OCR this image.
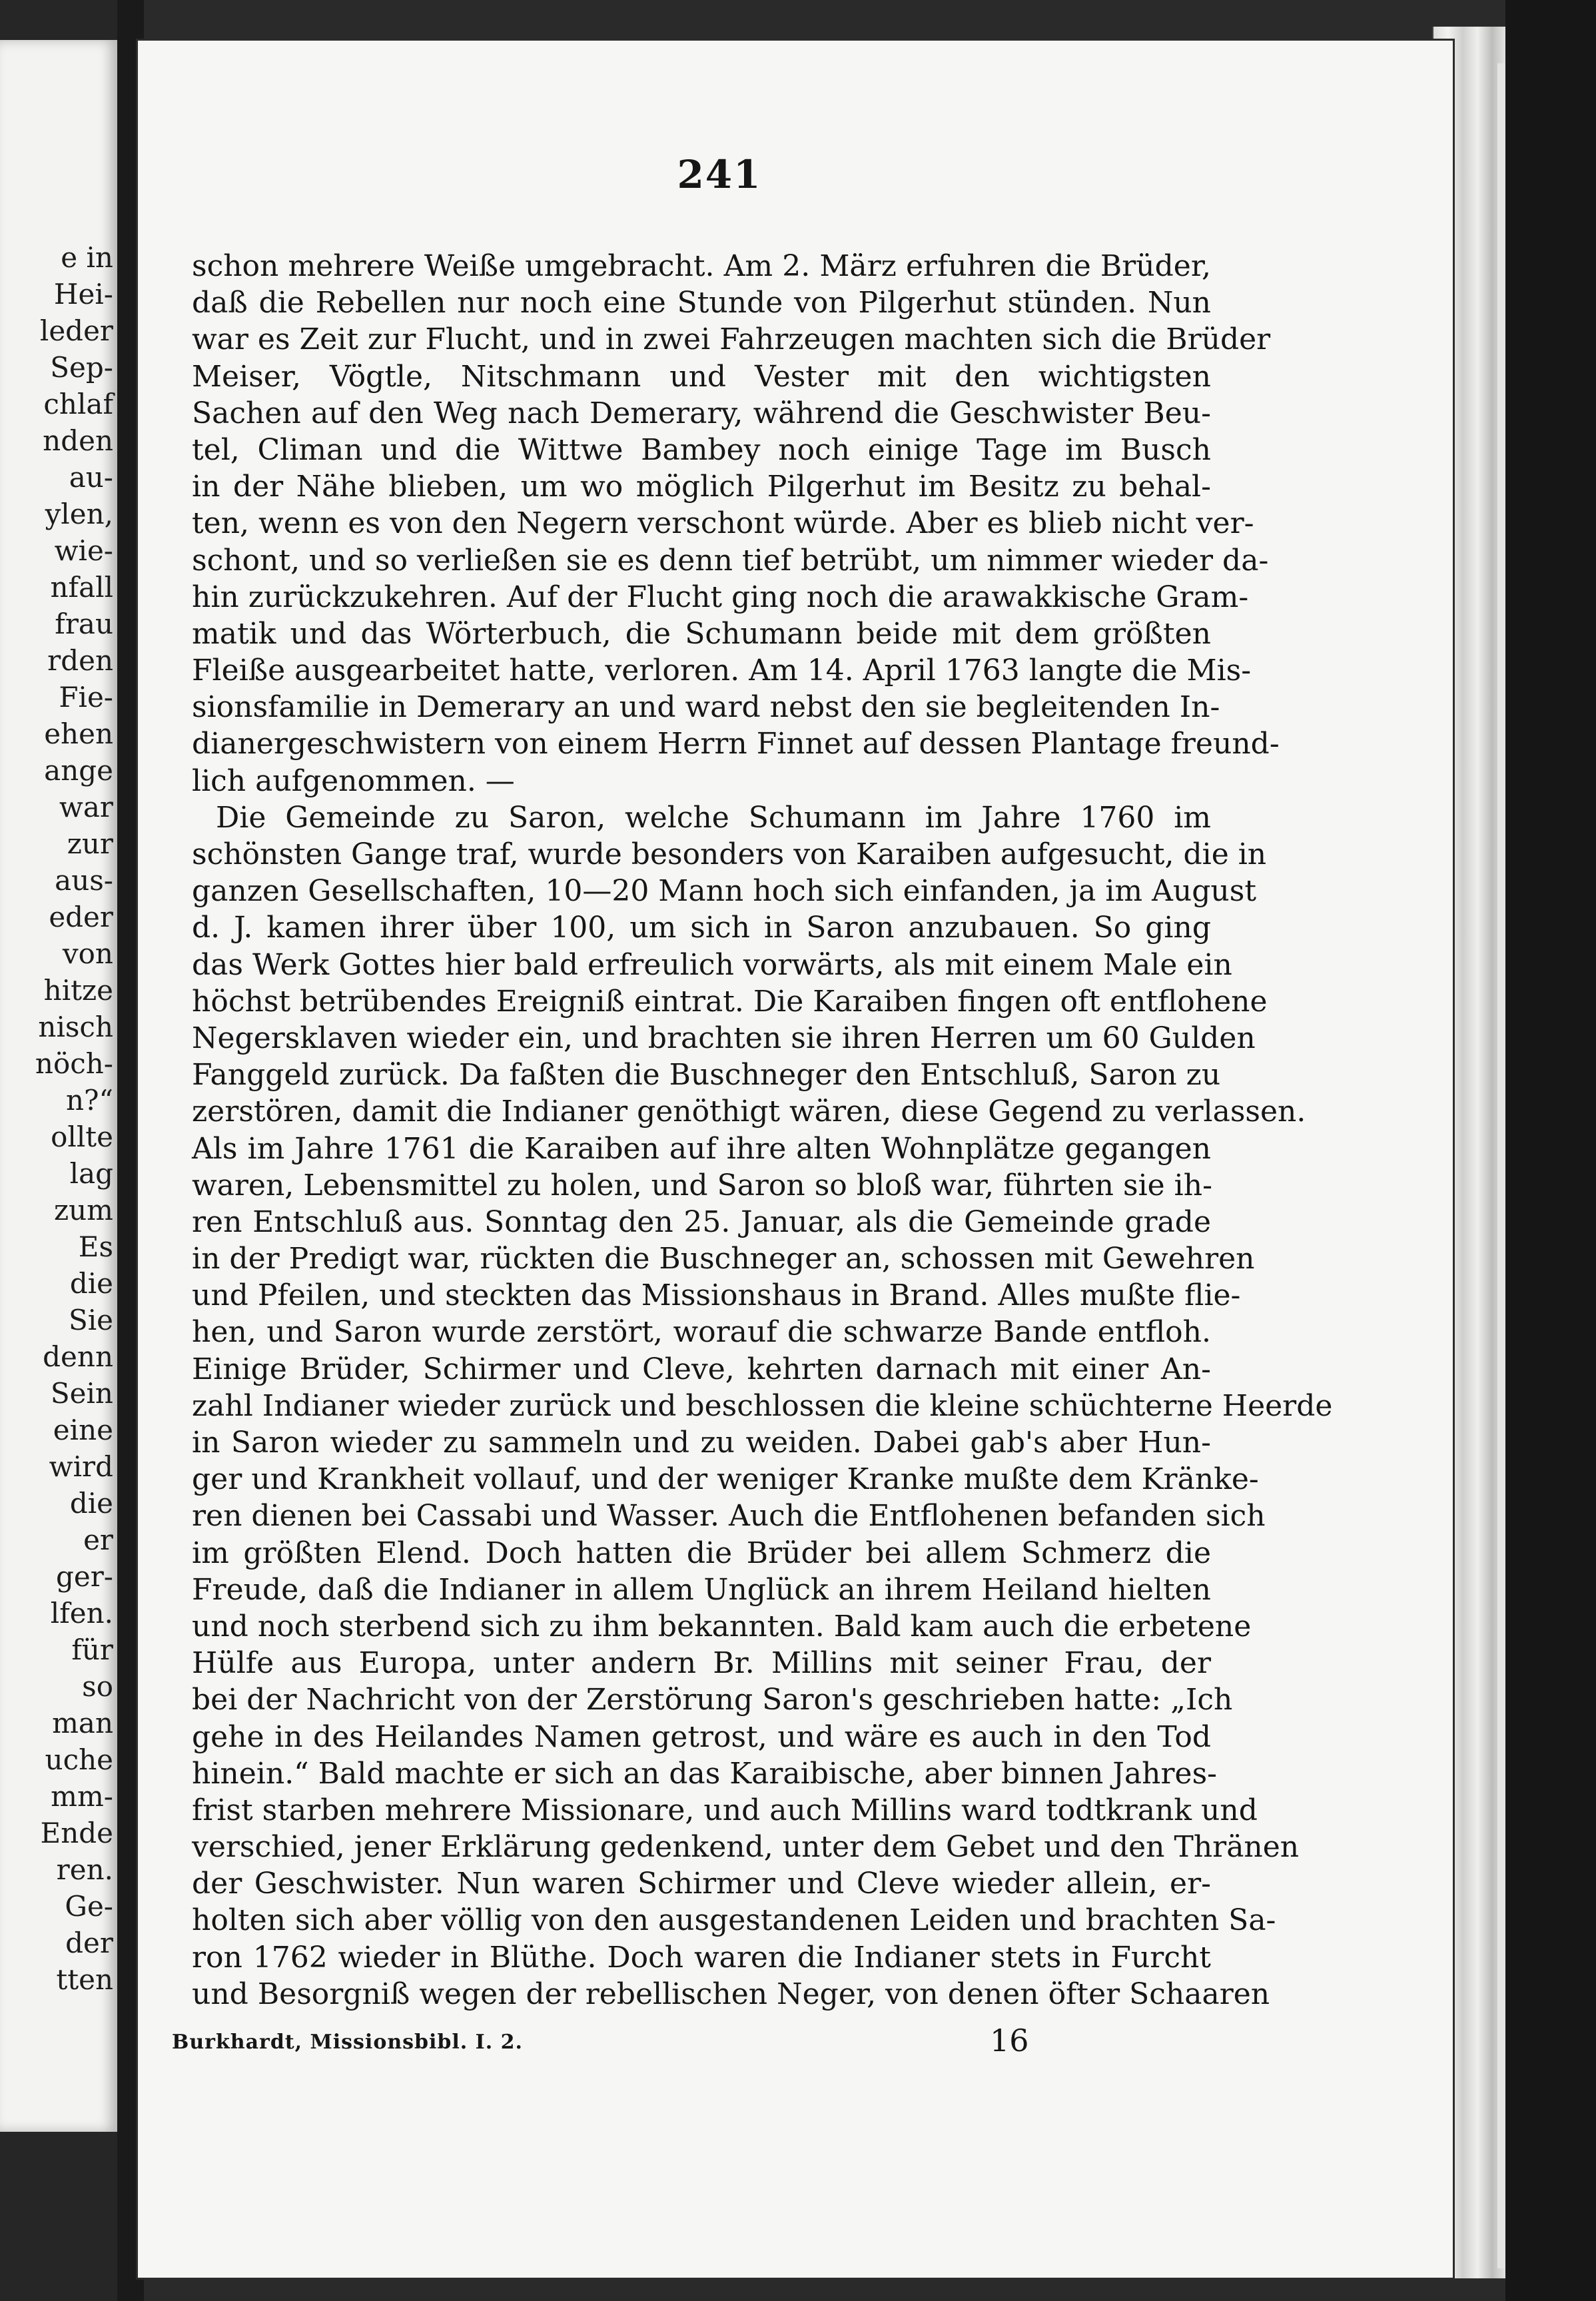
e in
Hei-
leder
Sep-
chlaf
nden
au-
ylen,
wie-
nfall
frau
rden
Fie-
ehen
ange
war
zur
aus-
eder
von
hitze
nisch
nöch-
n?“
ollte
lag
zum
Es
die
Sie
denn
Sein
eine
wird
die
er
ger-
lfen.
für
so
man
uche
mm-
Ende
ren.
Ge-
der
tten
241
schon mehrere Weiße umgebracht. Am 2. März erfuhren die Brüder,
daß die Rebellen nur noch eine Stunde von Pilgerhut stünden. Nun
war es Zeit zur Flucht, und in zwei Fahrzeugen machten sich die Brüder
Meiser, Vögtle, Nitschmann und Vester mit den wichtigsten
Sachen auf den Weg nach Demerary, während die Geschwister Beu-
tel, Climan und die Wittwe Bambey noch einige Tage im Busch
in der Nähe blieben, um wo möglich Pilgerhut im Besitz zu behal-
ten, wenn es von den Negern verschont würde. Aber es blieb nicht ver-
schont, und so verließen sie es denn tief betrübt, um nimmer wieder da-
hin zurückzukehren. Auf der Flucht ging noch die arawakkische Gram-
matik und das Wörterbuch, die Schumann beide mit dem größten
Fleiße ausgearbeitet hatte, verloren. Am 14. April 1763 langte die Mis-
sionsfamilie in Demerary an und ward nebst den sie begleitenden In-
dianergeschwistern von einem Herrn Finnet auf dessen Plantage freund-
lich aufgenommen. —
Die Gemeinde zu Saron, welche Schumann im Jahre 1760 im
schönsten Gange traf, wurde besonders von Karaiben aufgesucht, die in
ganzen Gesellschaften, 10—20 Mann hoch sich einfanden, ja im August
d. J. kamen ihrer über 100, um sich in Saron anzubauen. So ging
das Werk Gottes hier bald erfreulich vorwärts, als mit einem Male ein
höchst betrübendes Ereigniß eintrat. Die Karaiben fingen oft entflohene
Negersklaven wieder ein, und brachten sie ihren Herren um 60 Gulden
Fanggeld zurück. Da faßten die Buschneger den Entschluß, Saron zu
zerstören, damit die Indianer genöthigt wären, diese Gegend zu verlassen.
Als im Jahre 1761 die Karaiben auf ihre alten Wohnplätze gegangen
waren, Lebensmittel zu holen, und Saron so bloß war, führten sie ih-
ren Entschluß aus. Sonntag den 25. Januar, als die Gemeinde grade
in der Predigt war, rückten die Buschneger an, schossen mit Gewehren
und Pfeilen, und steckten das Missionshaus in Brand. Alles mußte flie-
hen, und Saron wurde zerstört, worauf die schwarze Bande entfloh.
Einige Brüder, Schirmer und Cleve, kehrten darnach mit einer An-
zahl Indianer wieder zurück und beschlossen die kleine schüchterne Heerde
in Saron wieder zu sammeln und zu weiden. Dabei gab's aber Hun-
ger und Krankheit vollauf, und der weniger Kranke mußte dem Kränke-
ren dienen bei Cassabi und Wasser. Auch die Entflohenen befanden sich
im größten Elend. Doch hatten die Brüder bei allem Schmerz die
Freude, daß die Indianer in allem Unglück an ihrem Heiland hielten
und noch sterbend sich zu ihm bekannten. Bald kam auch die erbetene
Hülfe aus Europa, unter andern Br. Millins mit seiner Frau, der
bei der Nachricht von der Zerstörung Saron's geschrieben hatte: „Ich
gehe in des Heilandes Namen getrost, und wäre es auch in den Tod
hinein.“ Bald machte er sich an das Karaibische, aber binnen Jahres-
frist starben mehrere Missionare, und auch Millins ward todtkrank und
verschied, jener Erklärung gedenkend, unter dem Gebet und den Thränen
der Geschwister. Nun waren Schirmer und Cleve wieder allein, er-
holten sich aber völlig von den ausgestandenen Leiden und brachten Sa-
ron 1762 wieder in Blüthe. Doch waren die Indianer stets in Furcht
und Besorgniß wegen der rebellischen Neger, von denen öfter Schaaren
Burkhardt, Missionsbibl. I. 2.	16
